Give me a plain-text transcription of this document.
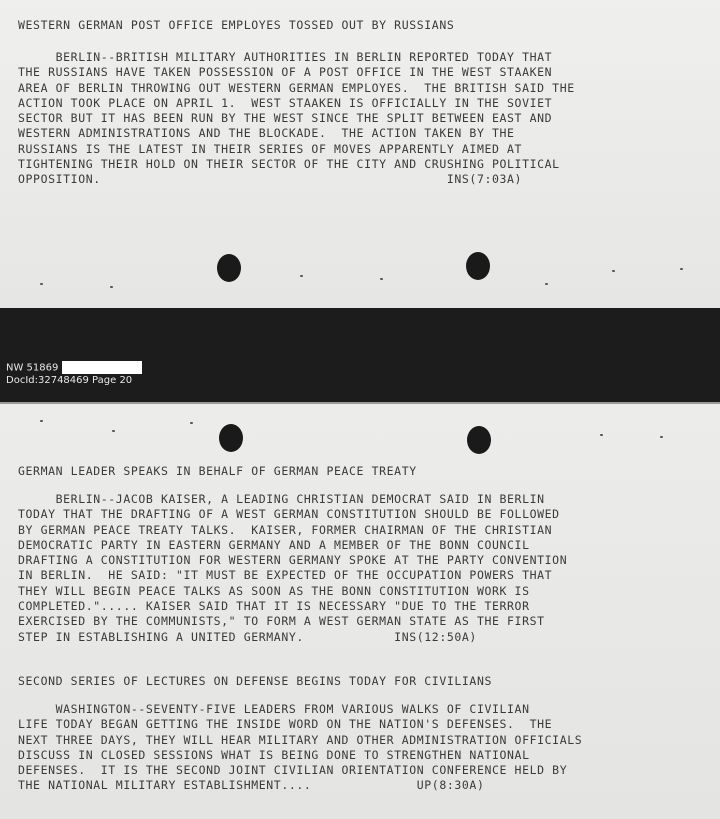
WESTERN GERMAN POST OFFICE EMPLOYES TOSSED OUT BY RUSSIANS
BERLIN--BRITISH MILITARY AUTHORITIES IN BERLIN REPORTED TODAY THAT
THE RUSSIANS HAVE TAKEN POSSESSION OF A POST OFFICE IN THE WEST STAAKEN
AREA OF BERLIN THROWING OUT WESTERN GERMAN EMPLOYES.  THE BRITISH SAID THE
ACTION TOOK PLACE ON APRIL 1.  WEST STAAKEN IS OFFICIALLY IN THE SOVIET
SECTOR BUT IT HAS BEEN RUN BY THE WEST SINCE THE SPLIT BETWEEN EAST AND
WESTERN ADMINISTRATIONS AND THE BLOCKADE.  THE ACTION TAKEN BY THE
RUSSIANS IS THE LATEST IN THEIR SERIES OF MOVES APPARENTLY AIMED AT
TIGHTENING THEIR HOLD ON THEIR SECTOR OF THE CITY AND CRUSHING POLITICAL
OPPOSITION.                                              INS(7:03A)
NW 51869
DocId:32748469 Page 20
GERMAN LEADER SPEAKS IN BEHALF OF GERMAN PEACE TREATY
BERLIN--JACOB KAISER, A LEADING CHRISTIAN DEMOCRAT SAID IN BERLIN
TODAY THAT THE DRAFTING OF A WEST GERMAN CONSTITUTION SHOULD BE FOLLOWED
BY GERMAN PEACE TREATY TALKS.  KAISER, FORMER CHAIRMAN OF THE CHRISTIAN
DEMOCRATIC PARTY IN EASTERN GERMANY AND A MEMBER OF THE BONN COUNCIL
DRAFTING A CONSTITUTION FOR WESTERN GERMANY SPOKE AT THE PARTY CONVENTION
IN BERLIN.  HE SAID: "IT MUST BE EXPECTED OF THE OCCUPATION POWERS THAT
THEY WILL BEGIN PEACE TALKS AS SOON AS THE BONN CONSTITUTION WORK IS
COMPLETED."..... KAISER SAID THAT IT IS NECESSARY "DUE TO THE TERROR
EXERCISED BY THE COMMUNISTS," TO FORM A WEST GERMAN STATE AS THE FIRST
STEP IN ESTABLISHING A UNITED GERMANY.            INS(12:50A)
SECOND SERIES OF LECTURES ON DEFENSE BEGINS TODAY FOR CIVILIANS
WASHINGTON--SEVENTY-FIVE LEADERS FROM VARIOUS WALKS OF CIVILIAN
LIFE TODAY BEGAN GETTING THE INSIDE WORD ON THE NATION'S DEFENSES.  THE
NEXT THREE DAYS, THEY WILL HEAR MILITARY AND OTHER ADMINISTRATION OFFICIALS
DISCUSS IN CLOSED SESSIONS WHAT IS BEING DONE TO STRENGTHEN NATIONAL
DEFENSES.  IT IS THE SECOND JOINT CIVILIAN ORIENTATION CONFERENCE HELD BY
THE NATIONAL MILITARY ESTABLISHMENT....              UP(8:30A)
